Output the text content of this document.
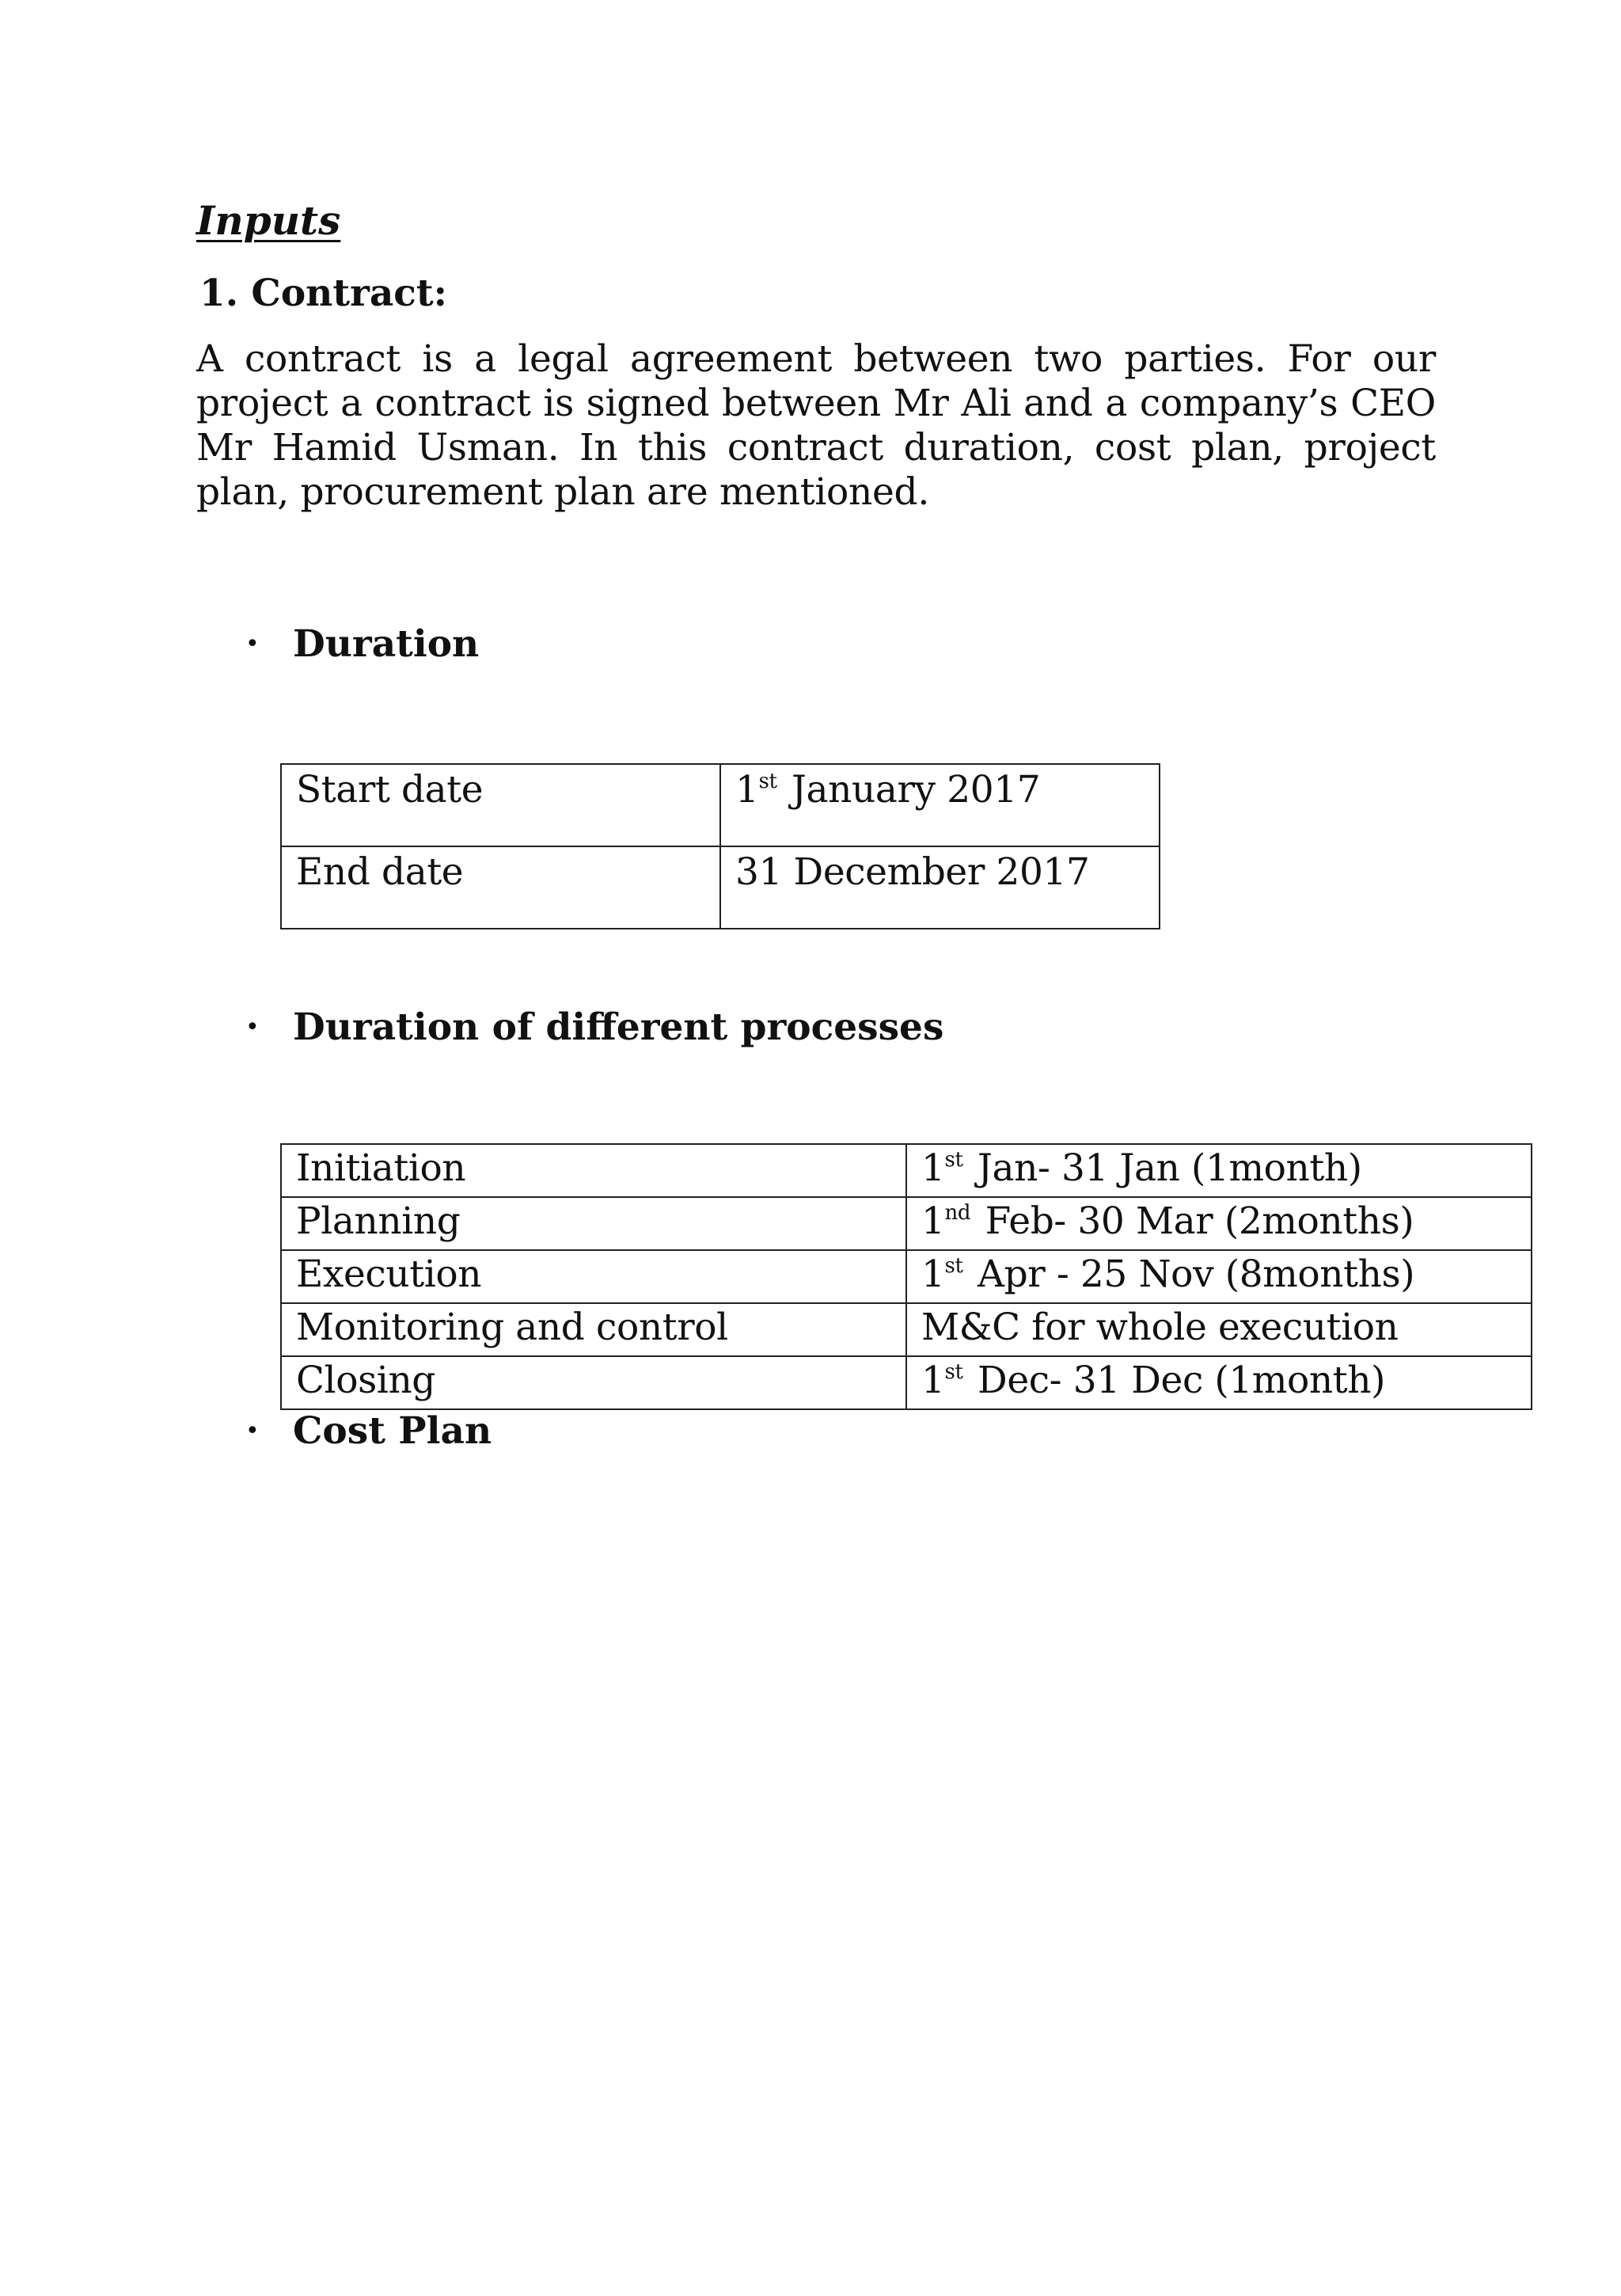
Inputs
1. Contract:

A contract is a legal agreement between two parties. For our project a contract is signed between Mr Ali and a company’s CEO Mr Hamid Usman. In this contract duration, cost plan, project plan, procurement plan are mentioned.

• Duration
Start date	1st January 2017
End date	31 December 2017
• Duration of different processes
Initiation	1st Jan- 31 Jan (1month)
Planning	1nd Feb- 30 Mar (2months)
Execution	1st Apr - 25 Nov (8months)
Monitoring and control	M&C for whole execution
Closing	1st Dec- 31 Dec (1month)
• Cost Plan
